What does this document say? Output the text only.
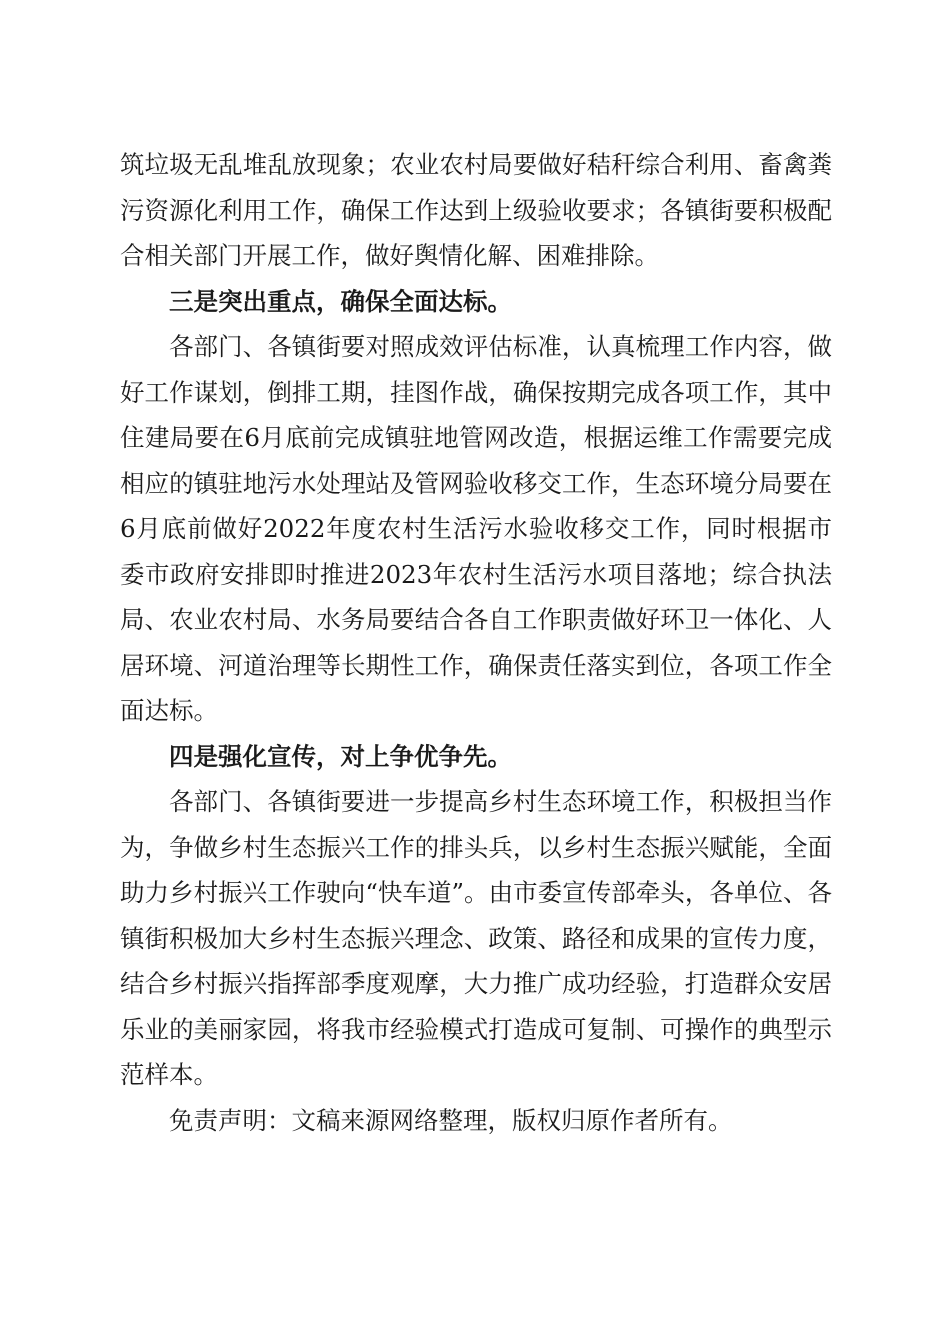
筑垃圾无乱堆乱放现象；农业农村局要做好秸秆综合利用、畜禽粪污资源化利用工作，确保工作达到上级验收要求；各镇街要积极配合相关部门开展工作，做好舆情化解、困难排除。

三是突出重点，确保全面达标。

各部门、各镇街要对照成效评估标准，认真梳理工作内容，做好工作谋划，倒排工期，挂图作战，确保按期完成各项工作，其中住建局要在6月底前完成镇驻地管网改造，根据运维工作需要完成相应的镇驻地污水处理站及管网验收移交工作，生态环境分局要在6月底前做好2022年度农村生活污水验收移交工作，同时根据市委市政府安排即时推进2023年农村生活污水项目落地；综合执法局、农业农村局、水务局要结合各自工作职责做好环卫一体化、人居环境、河道治理等长期性工作，确保责任落实到位，各项工作全面达标。

四是强化宣传，对上争优争先。

各部门、各镇街要进一步提高乡村生态环境工作，积极担当作为，争做乡村生态振兴工作的排头兵，以乡村生态振兴赋能，全面助力乡村振兴工作驶向“快车道”。由市委宣传部牵头，各单位、各镇街积极加大乡村生态振兴理念、政策、路径和成果的宣传力度，结合乡村振兴指挥部季度观摩，大力推广成功经验，打造群众安居乐业的美丽家园，将我市经验模式打造成可复制、可操作的典型示范样本。

免责声明：文稿来源网络整理，版权归原作者所有。
